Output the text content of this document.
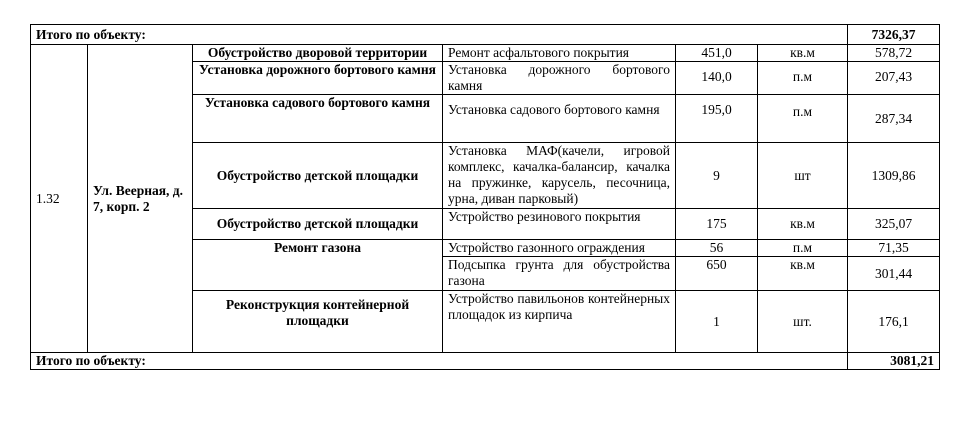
Итого по объекту:						7326,37
1.32	Ул. Веерная, д. 7, корп. 2	Обустройство дворовой территории	Ремонт асфальтового покрытия	451,0	кв.м	578,72
		Установка дорожного бортового камня	Установка дорожного бортового камня	140,0	п.м	207,43
		Установка садового бортового камня	Установка садового бортового камня	195,0	п.м	287,34
		Обустройство детской площадки	Установка МАФ(качели, игровой комплекс, качалка-балансир, качалка на пружинке, карусель, песочница, урна, диван парковый)	9	шт	1309,86
		Обустройство детской площадки	Устройство резинового покрытия	175	кв.м	325,07
		Ремонт газона	Устройство газонного ограждения	56	п.м	71,35
			Подсыпка грунта для обустройства газона	650	кв.м	301,44
		Реконструкция контейнерной площадки	Устройство павильонов контейнерных площадок из кирпича	1	шт.	176,1
Итого по объекту:						3081,21
